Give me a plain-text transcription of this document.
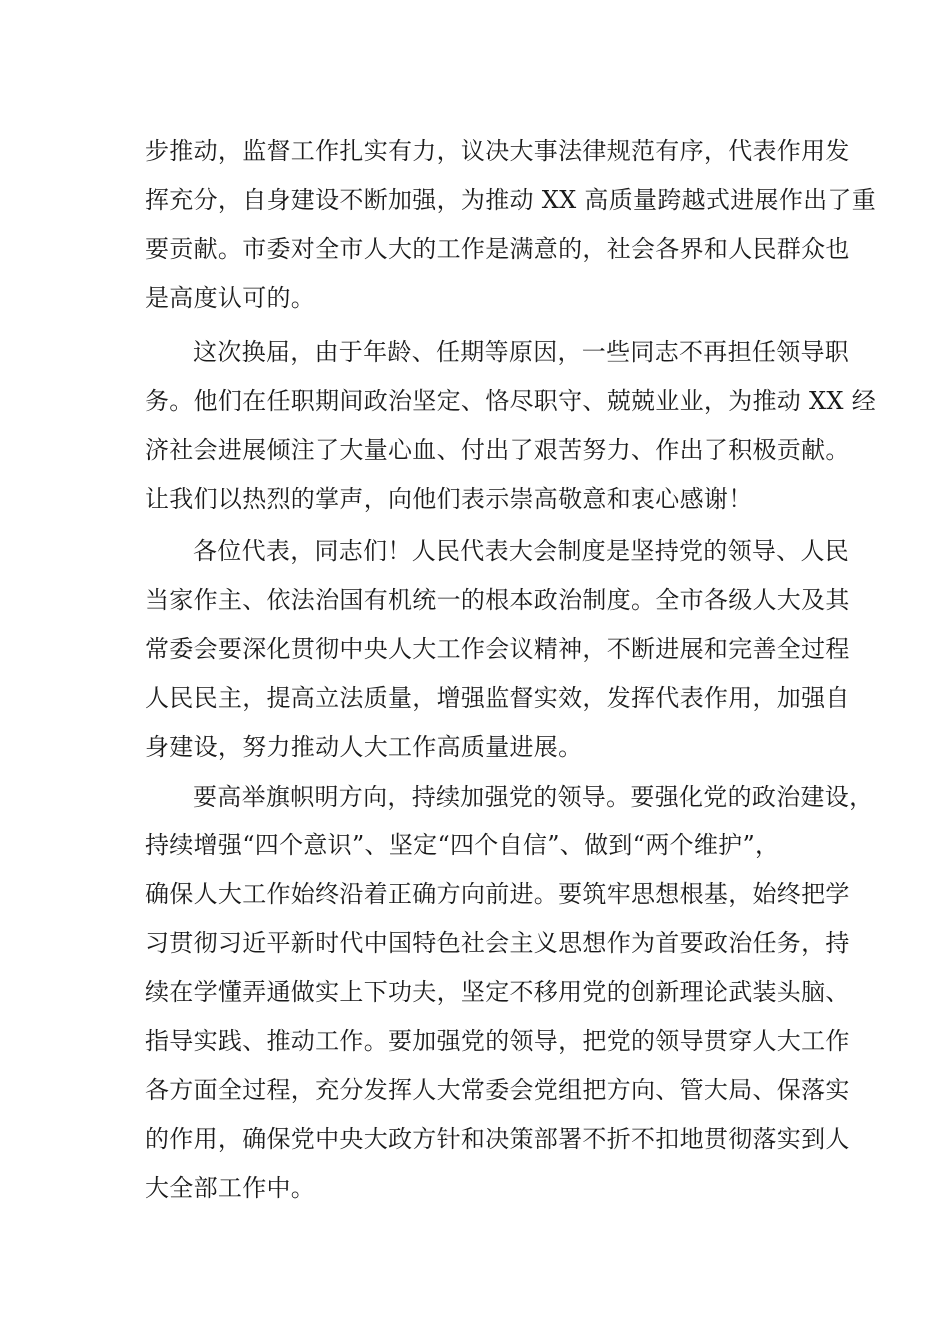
步推动，监督工作扎实有力，议决大事法律规范有序，代表作用发
挥充分，自身建设不断加强，为推动 XX 高质量跨越式进展作出了重
要贡献。市委对全市人大的工作是满意的，社会各界和人民群众也
是高度认可的。
这次换届，由于年龄、任期等原因，一些同志不再担任领导职
务。他们在任职期间政治坚定、恪尽职守、兢兢业业，为推动 XX 经
济社会进展倾注了大量心血、付出了艰苦努力、作出了积极贡献。
让我们以热烈的掌声，向他们表示崇高敬意和衷心感谢！
各位代表，同志们！人民代表大会制度是坚持党的领导、人民
当家作主、依法治国有机统一的根本政治制度。全市各级人大及其
常委会要深化贯彻中央人大工作会议精神，不断进展和完善全过程
人民民主，提高立法质量，增强监督实效，发挥代表作用，加强自
身建设，努力推动人大工作高质量进展。
要高举旗帜明方向，持续加强党的领导。要强化党的政治建设，
持续增强“四个意识”、坚定“四个自信”、做到“两个维护”，
确保人大工作始终沿着正确方向前进。要筑牢思想根基，始终把学
习贯彻习近平新时代中国特色社会主义思想作为首要政治任务，持
续在学懂弄通做实上下功夫，坚定不移用党的创新理论武装头脑、
指导实践、推动工作。要加强党的领导，把党的领导贯穿人大工作
各方面全过程，充分发挥人大常委会党组把方向、管大局、保落实
的作用，确保党中央大政方针和决策部署不折不扣地贯彻落实到人
大全部工作中。
